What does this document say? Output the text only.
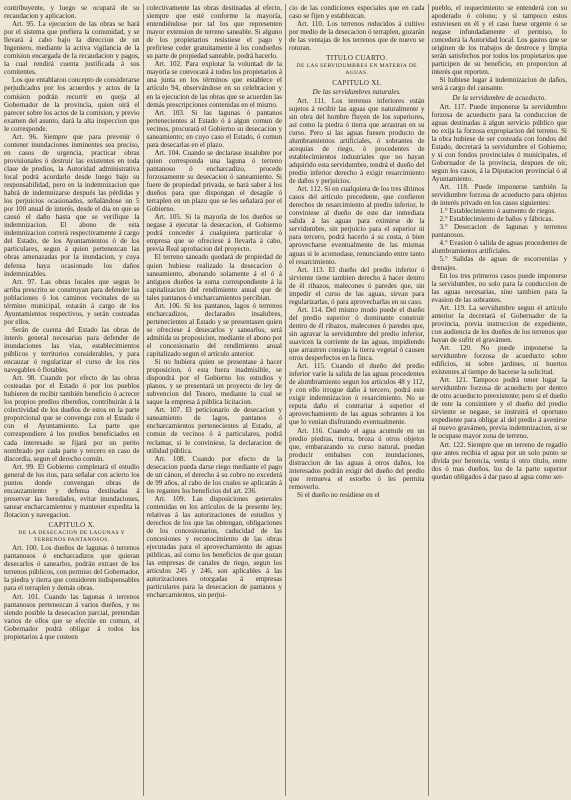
contribuyente, y luego se ocupará de su recaudacion y aplicacion.

Art. 95. La ejecucion de las obras se hará por el sistema que prefiera la comunidad, y se llevará á cabo bajo la direccion de un Ingeniero, mediante la activa vigilancia de la comision encargada de la recaudacion y pagos, la cual rendirá cuenta justificada á sus comitentes.

Los que entablaron concepto de considerarse perjudicados por los acuerdos y actos de la comision podrán recurrir en queja al Gobernador de la provincia, quien oirá el parecer sobre los actos de la comision, y previo examen del asunto, dará la alta inspeccion que le corresponde.

Art. 96. Siempre que para prevenir ó contener inundaciones inminentes sea preciso, en casos de urgencia, practicar obras provisionales ó destruir las existentes en toda clase de predios, la Autoridad administrativa local podrá acordarlo desde luego bajo su responsabilidad, pero en la indemnizacion que habrá de indemnizarse después las pérdidas y los perjuicios ocasionados, señalándose un 5 por 100 anual de interés, desde el dia en que se causó el daño hasta que se verifique la indemnizacion. El abono de esta indemnizacion correrá respectivamente á cargo del Estado, de los Ayuntamientos ó de los particulares, segun á quien pertenezcan las obras amenazadas por la inundacion, y cuya defensa haya ocasionado los daños indemnizables.

Art. 97. Las obras locales que segun lo arriba prescrito se construyan para defender las poblaciones ó los caminos vecinales de su término municipal, estarán á cargo de los Ayuntamientos respectivos, y serán costeadas por ellos.

Serán de cuenta del Estado las obras de interés general necesarias para defender de inundaciones las vias, establecimientos públicos y territorios considerables, y para encauzar ó regularizar el curso de los rios navegables ó flotables.

Art. 98. Cuando por efecto de las obras costeadas por el Estado ó por los pueblos hubieren de recibir también beneficio ó acrecer los propios predios ribereños, contribuirán á la colectividad de los dueños de estos en la parte proporcional que se convenga con el Estado ó con el Ayuntamiento. La parte que correspondiere á los predios beneficiados en cada interesado se fijará por un perito nombrado por cada parte y tercero en caso de discordia, segun el derecho común.

Art. 99. El Gobierno completará el estudio general de los rios, para señalar con acierto los puntos donde convengan obras de encauzamiento y defensa destinadas á preservar las heredades, evitar inundaciones, sanear encharcamientos y mantener expedita la flotacion y navegacion.

CAPITULO X.
DE LA DESECACION DE LAGUNAS Y TERRENOS PANTANOSOS.

Art. 100. Los dueños de lagunas ó terrenos pantanosos ó encharcadizos que quieran desecarlos ó sanearlos, podrán extraer de los terrenos públicos, con permiso del Gobernador, la piedra y tierra que consideren indispensables para el terraplen y demás obras.

Art. 101. Cuando las lagunas ó terrenos pantanosos pertenezcan á varios dueños, y no siendo posible la desecacion parcial, pretendan varios de ellos que se efectúe en comun, el Gobernador podrá obligar á todos los propietarios á que costeen

colectivamente las obras destinadas al efecto, siempre que esté conforme la mayoría, entendiéndose por tal los que representen mayor extension de terreno saneable. Si alguno de los propietarios resistiese el pago y prefiriese ceder gratuitamente á los condueños su parte de propiedad saneable, podrá hacerlo.

Art. 102. Para explotar la voluntad de la mayoría se convocará á todos los propietarios á una junta en los términos que establece el artículo 94, observándose en su celebracion y en la ejecucion de las obras que se acuerden las demás prescripciones contenidas en el mismo.

Art. 103. Si las lagunas ó pantanos pertenecientes al Estado ó á algun comun de vecinos, procurará el Gobierno su desecacion y saneamiento; en cuyo caso el Estado, ó comun para desecarlas en el plazo.

Art. 104. Cuando se declarase insalubre por quien corresponda una laguna ó terreno pantanoso ó encharcadizo, procede forzosamente su desecacion ó saneamiento. Si fuere de propiedad privada, se hará saber á los dueños para que dispongan el desagüe ó terraplen en un plazo que se les señalará por el Gobierno.

Art. 105. Si la mayoría de los dueños se negase á ejecutar la desecacion, el Gobierno podrá conceder á cualquiera particular ó empresa que se ofreciese á llevarla á cabo, previa Real aprobacion del proyecto.

El terreno saneado quedará de propiedad de quien hubiese realizado la desecacion ó saneamiento, abonando solamente á el ó á antiguos dueños la suma correspondiente á la capitalizacion del rendimiento anual que de tales pantanos ó encharcamientos percibian.

Art. 106. Si los pantanos, lagos ó terrenos encharcadizos, declarados insalubres, pertenecientes al Estado y se presentasen quien se ofreciese á desecarlos y sanearlos, será admitida su proposicion, mediante el abono por el concesionario del rendimiento anual capitalizado segun el artículo anterior.

Si no hubiera quien se presentase á hacer proposicion, ó esta fuera inadmisible, se dispondrá por el Gobierno los estudios y planos, y se presentará un proyecto de ley de subvencion del Tesoro, mediante la cual se saque la empresa á pública licitacion.

Art. 107. El peticionario de desecacion y saneamiento de lagos, pantanos ó encharcamientos pertenecientes al Estado, al comun de vecinos ó á particulares, podrá reclamar, si le conviniese, la declaracion de utilidad pública.

Art. 108. Cuando por efecto de la desecacion pueda darse riego mediante el pago de un cánon, el derecho á su cobro no excederá de 99 años, al cabo de los cuales se aplicarán á los regantes los beneficios del art. 236.

Art. 109. Las disposiciones generales contenidas en los artículos de la presente ley, relativas á las autorizaciones de estudios y derechos de los que las obtengan, obligaciones de los concesionarios, caducidad de las concesiones y reconocimiento de las obras ejecutadas para el aprovechamiento de aguas públicas, así como los beneficios de que gozan las empresas de canales de riego, segun los artículos 245 y 246, son aplicables á las autorizaciones otorgadas á empresas particulares para la desecacion de pantanos y encharcamientos, sin perjui-

cio de las condiciones especiales que en cada caso se fijen y establezcan.

Art. 110. Los terrenos reducidos á cultivo por medio de la desecacion ó terraplen, gozarán de las ventajas de los terrenos que de nuevo se roturan.

TITULO CUARTO.
DE LAS SERVIDUMBRES EN MATERIA DE AGUAS.
CAPITULO XI.
De las servidumbres naturales.

Art. 111. Los terrenos inferiores están sujetos á recibir las aguas que naturalmente y sin obra del hombre fluyen de los superiores, así como la piedra ó tierra que arrastran en su curso. Pero si las aguas fuesen producto de alumbramientos artificiales, ó sobrantes de acequias de riego, ó procedentes de establecimientos industriales que no hayan adquirido esta servidumbre, tendrá el dueño del predio inferior derecho á exigir resarcimiento de daños y perjuicios.

Art. 112. Si en cualquiera de los tres últimos casos del artículo precedente, que confieren derechos de resarcimiento al predio inferior, le conviniese al dueño de este dar inmediata salida á las aguas para eximirse de la servidumbre, sin perjuicio para el superior ni para tercero, podrá hacerlo á su costa, ó bien aprovecharse eventualmente de las mismas aguas si le acomodase, renunciando entre tanto el resarcimiento.

Art. 113. El dueño del predio inferior ó sirviente tiene tambien derecho á hacer dentro de él ribazos, malecones ó paredes que, sin impedir el curso de las aguas, sirvan para regularizarlas, ó para aprovecharlas en su caso.

Art. 114. Del mismo modo puede el dueño del predio superior ó dominante construir dentro de él ribazos, malecones ó paredes que, sin agravar la servidumbre del predio inferior, suavicen la corriente de las aguas, impidiendo que arrastren consigo la tierra vegetal ó causen otros desperfectos en la finca.

Art. 115. Cuando el dueño del predio inferior varíe la salida de las aguas procedentes de alumbramiento segun los artículos 48 y 112, y con ello irrogue daño á tercero, podrá este exigir indemnizacion ó resarcimiento. No se reputa daño el contrariar á superior el aprovechamiento de las aguas sobrantes á los que lo venian disfrutando eventualmente.

Art. 116. Cuando el agua acumule en un predio piedras, tierra, broza ú otros objetos que, embarazando su curso natural, puedan producir embalses con inundaciones, distraccion de las aguas á otros daños, los interesados podrán exigir del dueño del predio que remueva el estorbo ó les permita removerlo.

Si el dueño no residiese en el

pueblo, el requerimiento se entenderá con su apoderado ó colono; y si tampoco estos estuviesen en él y el caso fuese urgente ó se negase infundadamente el permiso, lo concederá la Autoridad local. Los gastos que se originen de los trabajos de destroce y limpia serán satisfechos por todos los propietarios que participen de su beneficio, en proporcion al interés que reporten.

Si hubiese lugar á indemnizacion de daños, será á cargo del causante.

De la servidumbre de acueducto.

Art. 117. Puede imponerse la servidumbre forzosa de acueducto para la conduccion de aguas destinadas á algun servicio público que no exija la forzosa expropiacion del terreno. Si la obra hubiese de ser costeada con fondos del Estado, decretará la servidumbre el Gobierno; y si con fondos provinciales ó municipales, el Gobernador de la provincia, despues de oir, segun los casos, á la Diputacion provincial ó al Ayuntamiento.

Art. 118. Puede imponerse también la servidumbre forzosa de acueducto para objetos de interés privado en los casos siguientes:

1.° Establecimiento ó aumento de riegos.

2.° Establecimiento de baños y fábricas.

3.° Desecacion de lagunas y terrenos pantanosos.

4.° Evasion ó salida de aguas procedentes de alumbramientos artificiales.

5.° Salidas de aguas de escorrentías y drenajes.

En los tres primeros casos puede imponerse la servidumbre, no solo para la conduccion de las aguas necesarias, sino tambien para la evasion de las sobrantes.

Art. 119. La servidumbre segun el artículo anterior la decretará el Gobernador de la provincia, previa instruccion de expediente, con audiencia de los dueños de los terrenos que hayan de sufrir el gravámen.

Art. 120. No puede imponerse la servidumbre forzosa de acueducto sobre edificios, ni sobre jardines, ni huertos existentes al tiempo de hacerse la solicitud.

Art. 121. Tampoco podrá tener lugar la servidumbre forzosa de acueducto por dentro de otro acueducto preexistente; pero si el dueño de este la consintiere y el dueño del predio sirviente se negase, se instruirá el oportuno expediente para obligar al del predio á avenirse al nuevo gravámen, previa indemnizacion, si se le ocupase mayor zona de terreno.

Art. 122. Siempre que un terreno de regadío que antes recibia el agua por un solo punto se divida por herencia, venta ú otro título, entre dos ó mas dueños, los de la parte superior quedan obligados á dar paso al agua como ser-
